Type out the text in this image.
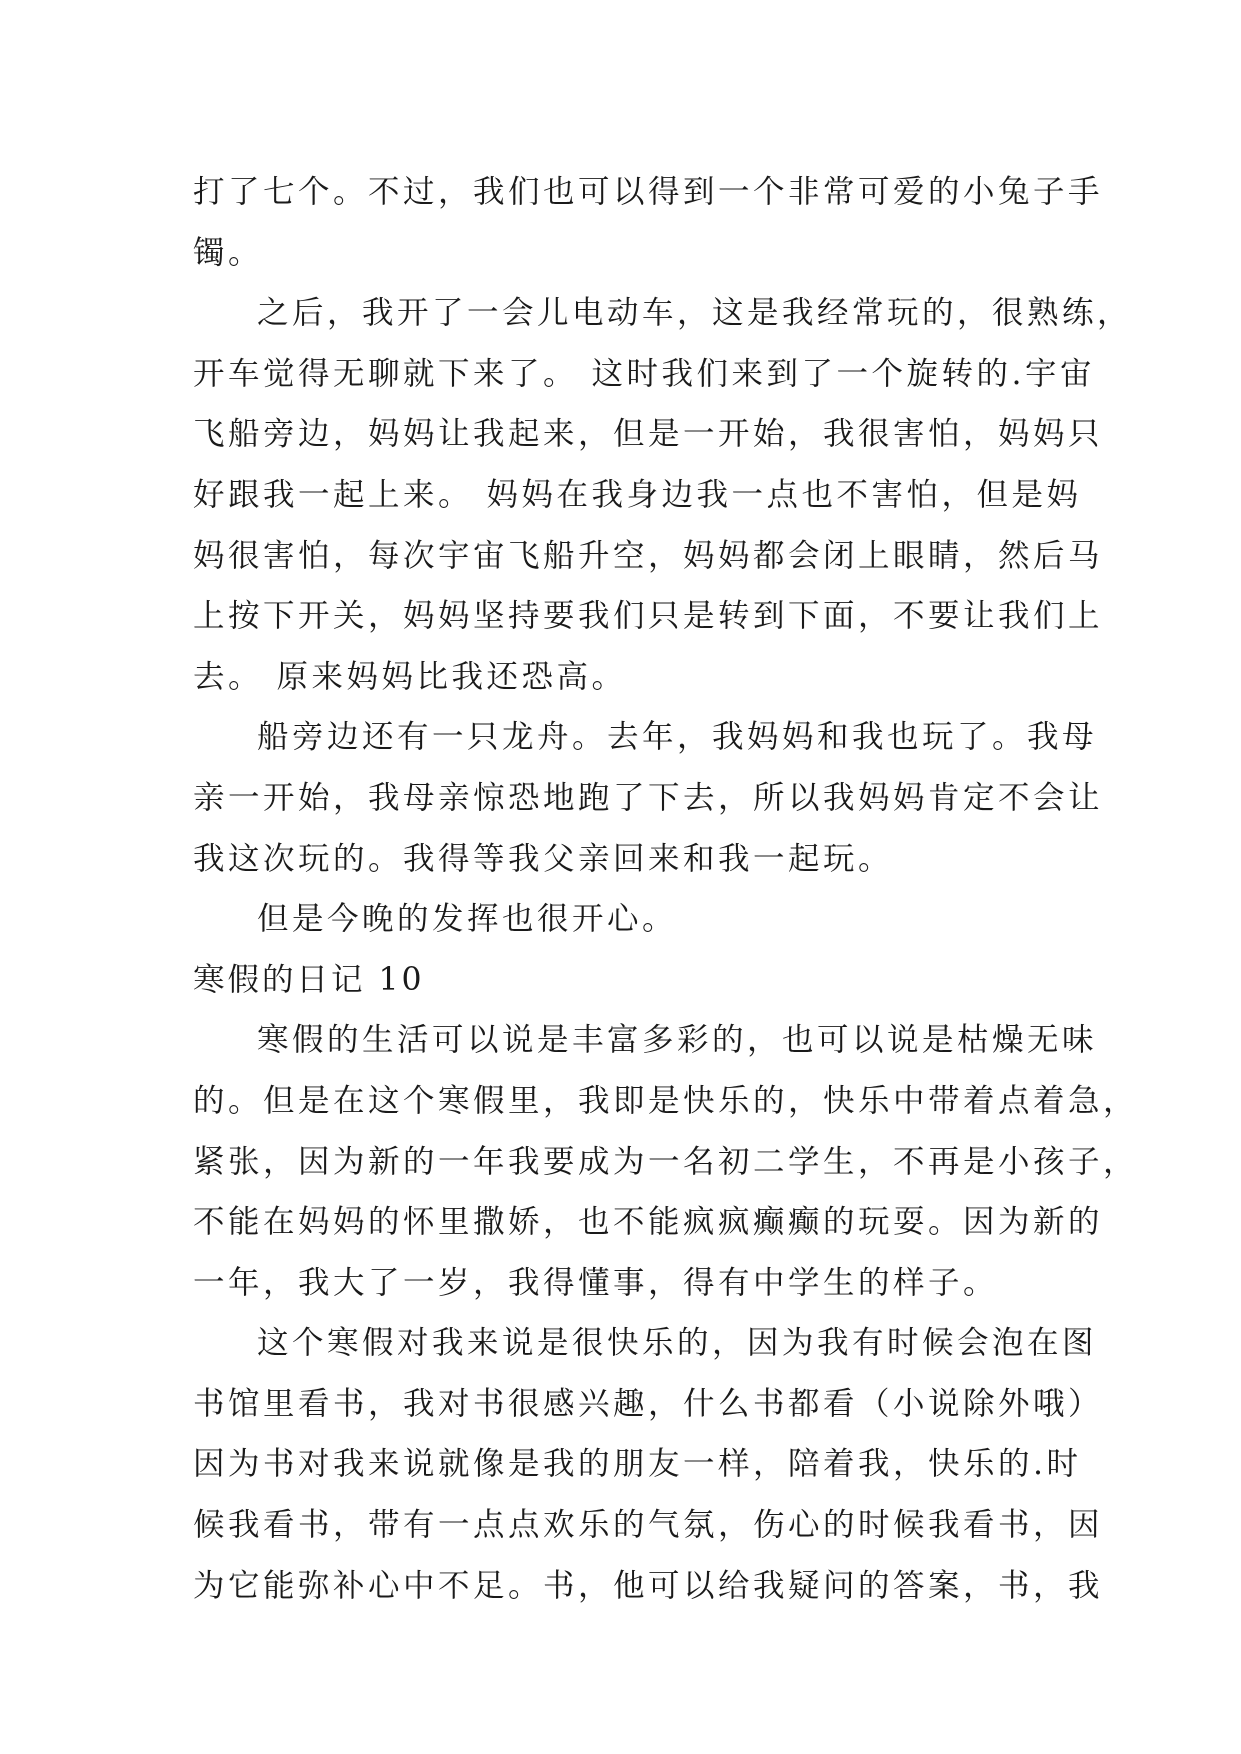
打了七个。不过，我们也可以得到一个非常可爱的小兔子手
镯。
之后，我开了一会儿电动车，这是我经常玩的，很熟练，
开车觉得无聊就下来了。 这时我们来到了一个旋转的.宇宙
飞船旁边，妈妈让我起来，但是一开始，我很害怕，妈妈只
好跟我一起上来。 妈妈在我身边我一点也不害怕，但是妈
妈很害怕，每次宇宙飞船升空，妈妈都会闭上眼睛，然后马
上按下开关，妈妈坚持要我们只是转到下面，不要让我们上
去。 原来妈妈比我还恐高。
船旁边还有一只龙舟。去年，我妈妈和我也玩了。我母
亲一开始，我母亲惊恐地跑了下去，所以我妈妈肯定不会让
我这次玩的。我得等我父亲回来和我一起玩。
但是今晚的发挥也很开心。
寒假的日记 10
寒假的生活可以说是丰富多彩的，也可以说是枯燥无味
的。但是在这个寒假里，我即是快乐的，快乐中带着点着急，
紧张，因为新的一年我要成为一名初二学生，不再是小孩子，
不能在妈妈的怀里撒娇，也不能疯疯癫癫的玩耍。因为新的
一年，我大了一岁，我得懂事，得有中学生的样子。
这个寒假对我来说是很快乐的，因为我有时候会泡在图
书馆里看书，我对书很感兴趣，什么书都看（小说除外哦）
因为书对我来说就像是我的朋友一样，陪着我，快乐的.时
候我看书，带有一点点欢乐的气氛，伤心的时候我看书，因
为它能弥补心中不足。书，他可以给我疑问的答案，书，我
